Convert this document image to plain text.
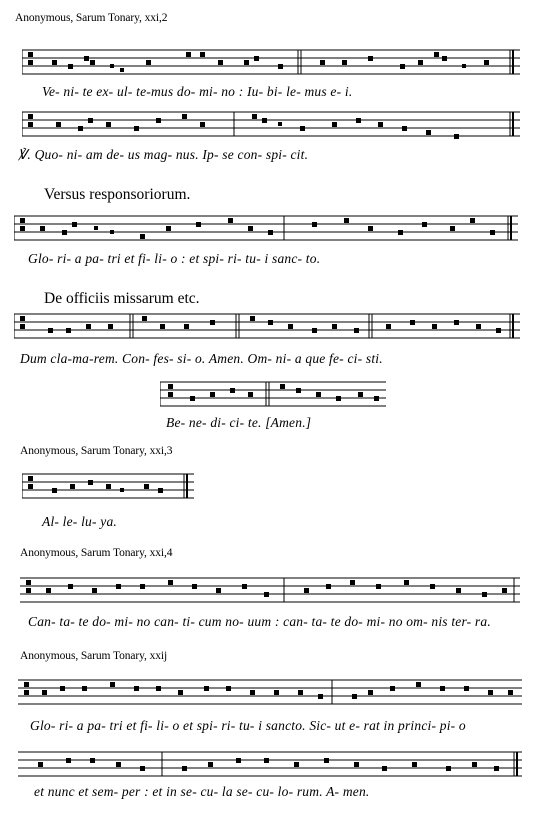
Anonymous, Sarum Tonary, xxi,2
Ve- ni- te ex- ul- te-mus do- mi- no : Iu- bi- le- mus e- i.
℣. Quo- ni- am de- us mag- nus. Ip- se con- spi- cit.
Versus responsoriorum.
Glo- ri- a pa- tri et fi- li- o : et spi- ri- tu- i sanc- to.
De officiis missarum etc.
Dum cla-ma-rem. Con- fes- si- o. Amen. Om- ni- a que fe- ci- sti.
Be- ne- di- ci- te. [Amen.]
Anonymous, Sarum Tonary, xxi,3
Al- le- lu- ya.
Anonymous, Sarum Tonary, xxi,4
Can- ta- te do- mi- no can- ti- cum no- uum : can- ta- te do- mi- no om- nis ter- ra.
Anonymous, Sarum Tonary, xxij
Glo- ri- a pa- tri et fi- li- o et spi- ri- tu- i sancto. Sic- ut e- rat in princi- pi- o
et nunc et sem- per : et in se- cu- la se- cu- lo- rum. A- men.
